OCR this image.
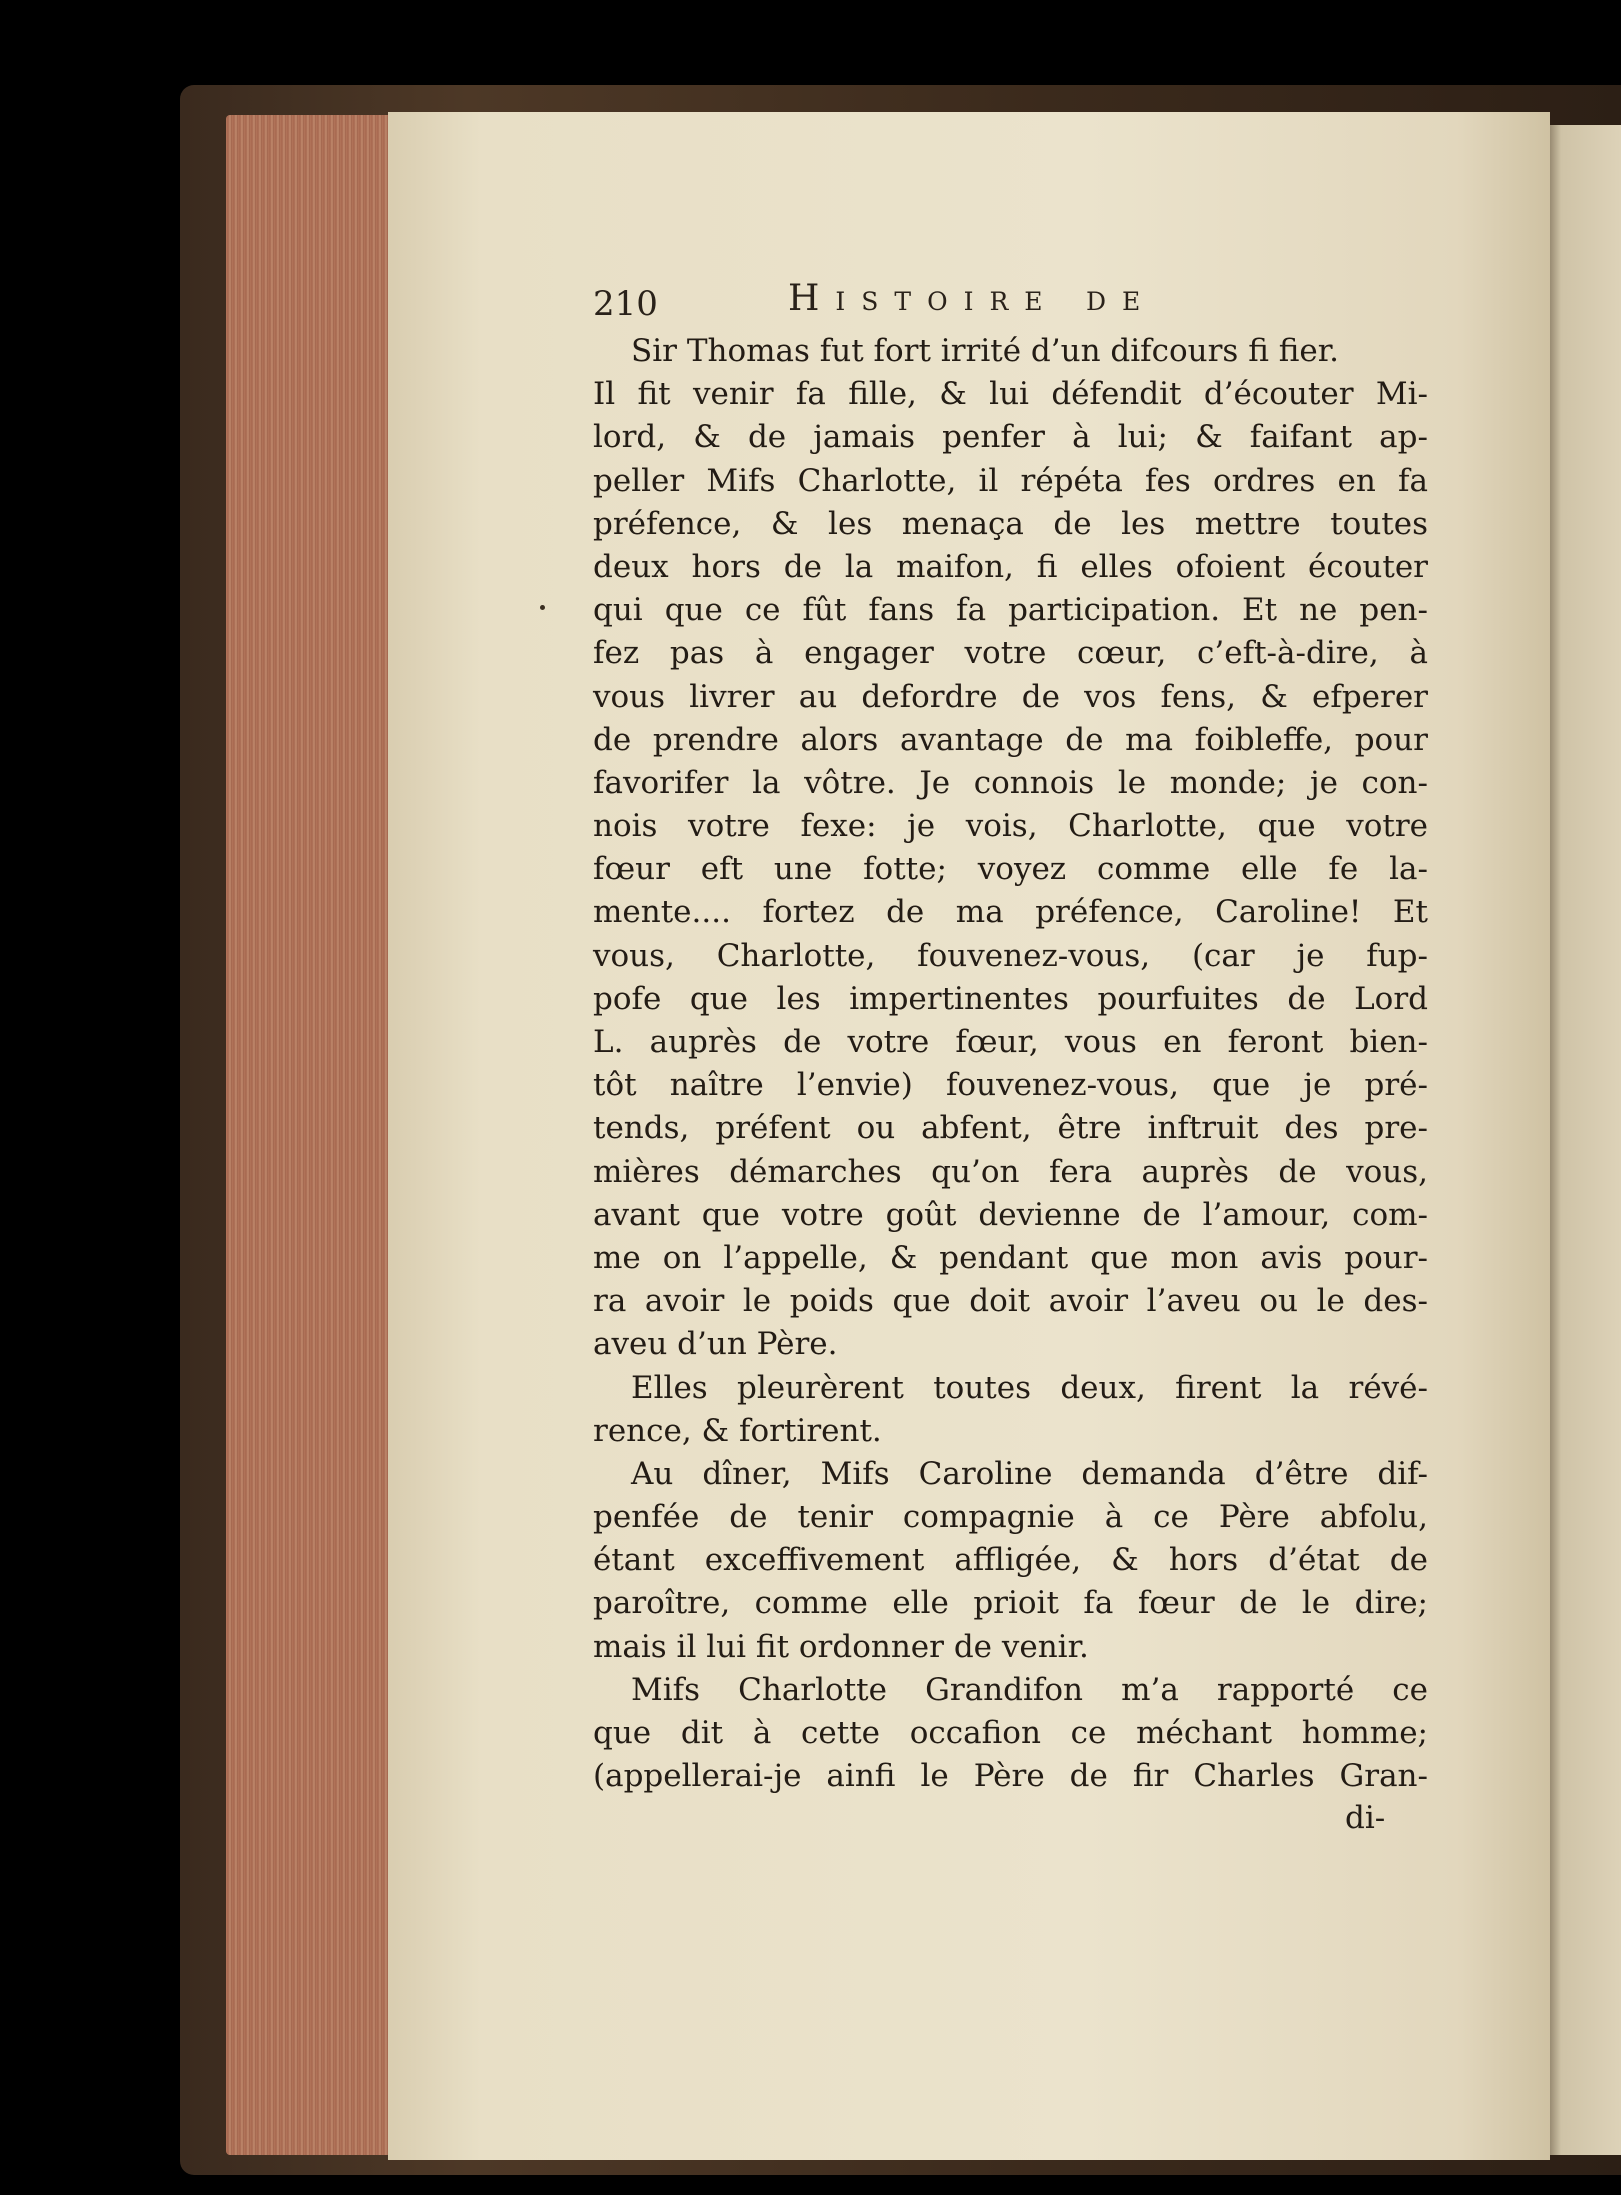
210	Histoire de
Sir Thomas fut fort irrité d’un difcours fi fier.
Il fit venir fa fille, & lui défendit d’écouter Mi-
lord, & de jamais penfer à lui; & faifant ap-
peller Mifs Charlotte, il répéta fes ordres en fa
préfence, & les menaça de les mettre toutes
deux hors de la maifon, fi elles ofoient écouter
qui que ce fût fans fa participation. Et ne pen-
fez pas à engager votre cœur, c’eft-à-dire, à
vous livrer au defordre de vos fens, & efperer
de prendre alors avantage de ma foibleffe, pour
favorifer la vôtre. Je connois le monde; je con-
nois votre fexe: je vois, Charlotte, que votre
fœur eft une fotte; voyez comme elle fe la-
mente.... fortez de ma préfence, Caroline! Et
vous, Charlotte, fouvenez-vous, (car je fup-
pofe que les impertinentes pourfuites de Lord
L. auprès de votre fœur, vous en feront bien-
tôt naître l’envie) fouvenez-vous, que je pré-
tends, préfent ou abfent, être inftruit des pre-
mières démarches qu’on fera auprès de vous,
avant que votre goût devienne de l’amour, com-
me on l’appelle, & pendant que mon avis pour-
ra avoir le poids que doit avoir l’aveu ou le des-
aveu d’un Père.
Elles pleurèrent toutes deux, firent la révé-
rence, & fortirent.
Au dîner, Mifs Caroline demanda d’être dif-
penfée de tenir compagnie à ce Père abfolu,
étant exceffivement affligée, & hors d’état de
paroître, comme elle prioit fa fœur de le dire;
mais il lui fit ordonner de venir.
Mifs Charlotte Grandifon m’a rapporté ce
que dit à cette occafion ce méchant homme;
(appellerai-je ainfi le Père de fir Charles Gran-
di-
